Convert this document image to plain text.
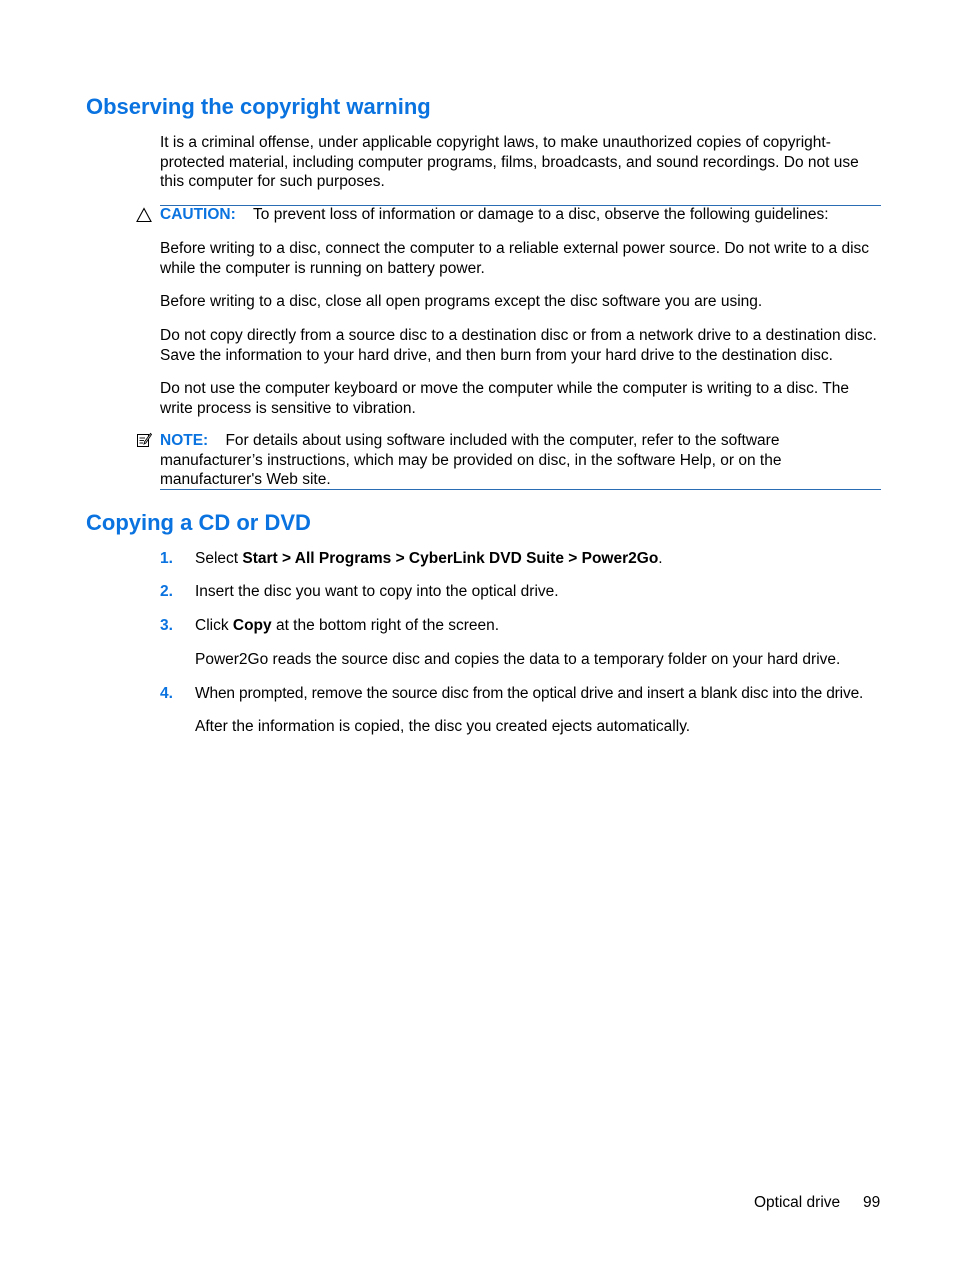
Observing the copyright warning

It is a criminal offense, under applicable copyright laws, to make unauthorized copies of copyright-protected material, including computer programs, films, broadcasts, and sound recordings. Do not use this computer for such purposes.

CAUTION: To prevent loss of information or damage to a disc, observe the following guidelines:

Before writing to a disc, connect the computer to a reliable external power source. Do not write to a disc while the computer is running on battery power.

Before writing to a disc, close all open programs except the disc software you are using.

Do not copy directly from a source disc to a destination disc or from a network drive to a destination disc. Save the information to your hard drive, and then burn from your hard drive to the destination disc.

Do not use the computer keyboard or move the computer while the computer is writing to a disc. The write process is sensitive to vibration.

NOTE: For details about using software included with the computer, refer to the software manufacturer’s instructions, which may be provided on disc, in the software Help, or on the manufacturer's Web site.

Copying a CD or DVD
1. Select Start > All Programs > CyberLink DVD Suite > Power2Go.
2. Insert the disc you want to copy into the optical drive.
3. Click Copy at the bottom right of the screen.
Power2Go reads the source disc and copies the data to a temporary folder on your hard drive.
4. When prompted, remove the source disc from the optical drive and insert a blank disc into the drive.
After the information is copied, the disc you created ejects automatically.
Optical drive 99
